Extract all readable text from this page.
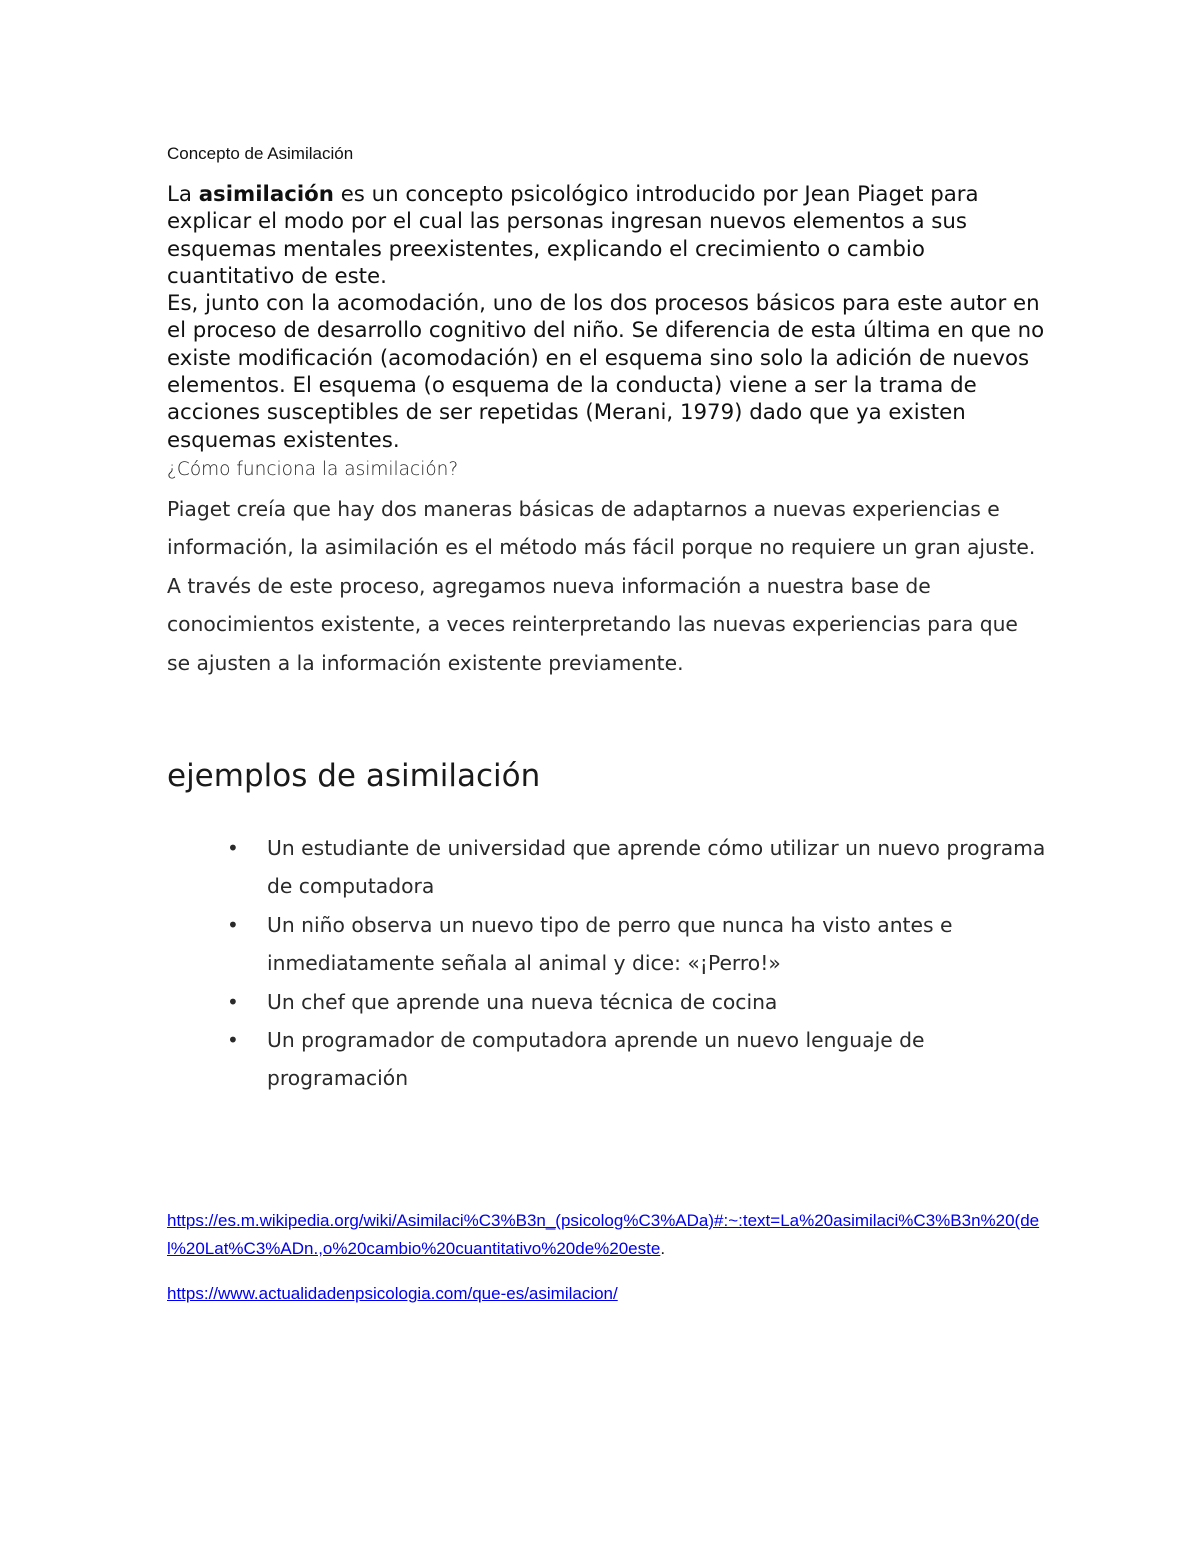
Concepto de Asimilación

La asimilación es un concepto psicológico introducido por Jean Piaget para explicar el modo por el cual las personas ingresan nuevos elementos a sus esquemas mentales preexistentes, explicando el crecimiento o cambio cuantitativo de este.
Es, junto con la acomodación, uno de los dos procesos básicos para este autor en el proceso de desarrollo cognitivo del niño. Se diferencia de esta última en que no existe modificación (acomodación) en el esquema sino solo la adición de nuevos elementos. El esquema (o esquema de la conducta) viene a ser la trama de acciones susceptibles de ser repetidas (Merani, 1979) dado que ya existen esquemas existentes.

¿Cómo funciona la asimilación?

Piaget creía que hay dos maneras básicas de adaptarnos a nuevas experiencias e información, la asimilación es el método más fácil porque no requiere un gran ajuste. A través de este proceso, agregamos nueva información a nuestra base de conocimientos existente, a veces reinterpretando las nuevas experiencias para que se ajusten a la información existente previamente.

ejemplos de asimilación
• Un estudiante de universidad que aprende cómo utilizar un nuevo programa de computadora
• Un niño observa un nuevo tipo de perro que nunca ha visto antes e inmediatamente señala al animal y dice: «¡Perro!»
• Un chef que aprende una nueva técnica de cocina
• Un programador de computadora aprende un nuevo lenguaje de programación
https://es.m.wikipedia.org/wiki/Asimilaci%C3%B3n_(psicolog%C3%ADa)#:~:text=La%20asimilaci%C3%B3n%20(del%20Lat%C3%ADn.,o%20cambio%20cuantitativo%20de%20este.
https://www.actualidadenpsicologia.com/que-es/asimilacion/
